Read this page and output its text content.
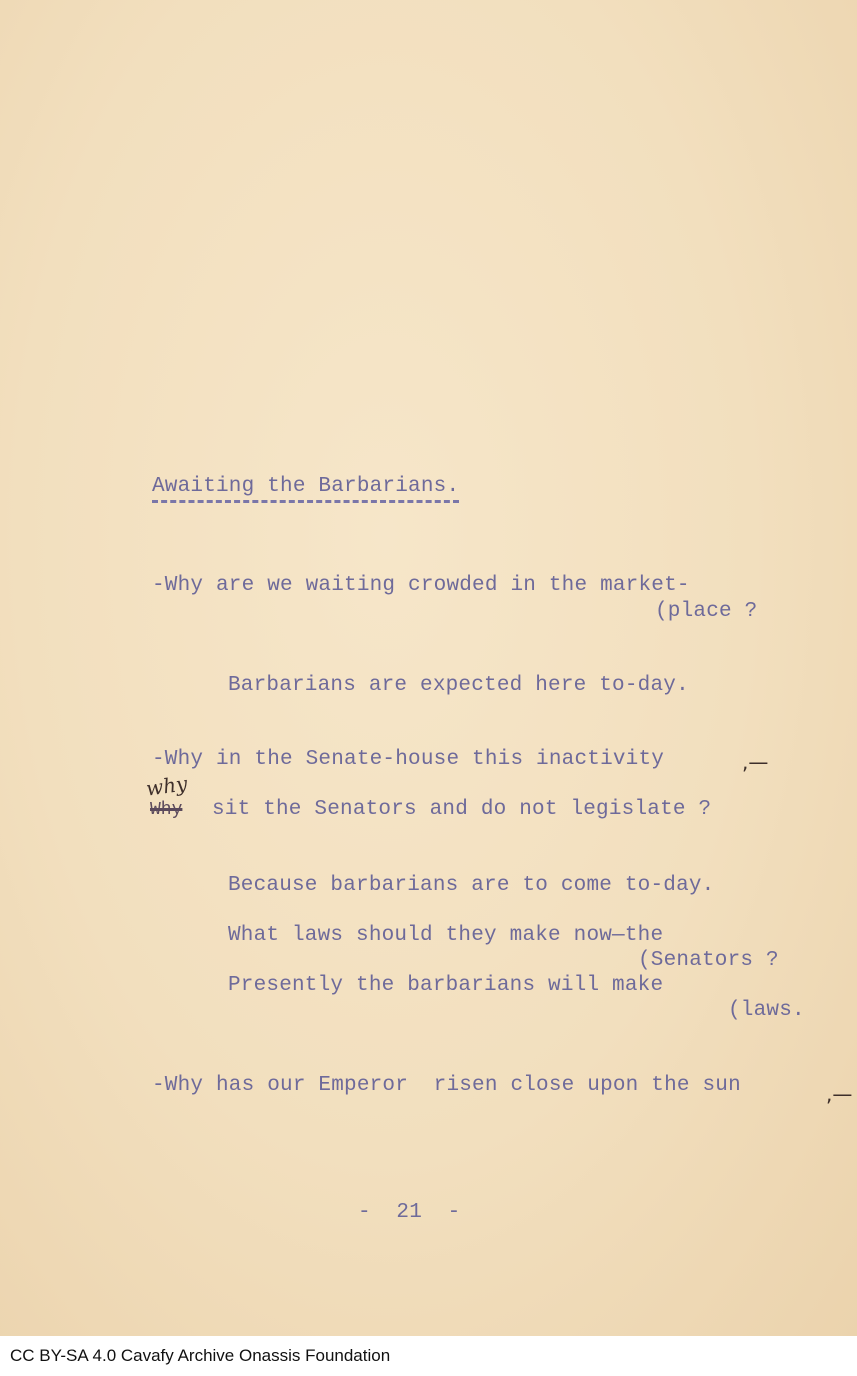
Awaiting the Barbarians.

-Why are we waiting crowded in the market-

(place ?

Barbarians are expected here to-day.

-Why in the Senate-house this inactivity	,—
why
Why sit the Senators and do not legislate ?

Because barbarians are to come to-day.

What laws should they make now—the

(Senators ?

Presently the barbarians will make

(laws.

-Why has our Emperor  risen close upon the sun	,—

-  21  -

CC BY-SA 4.0 Cavafy Archive Onassis Foundation
